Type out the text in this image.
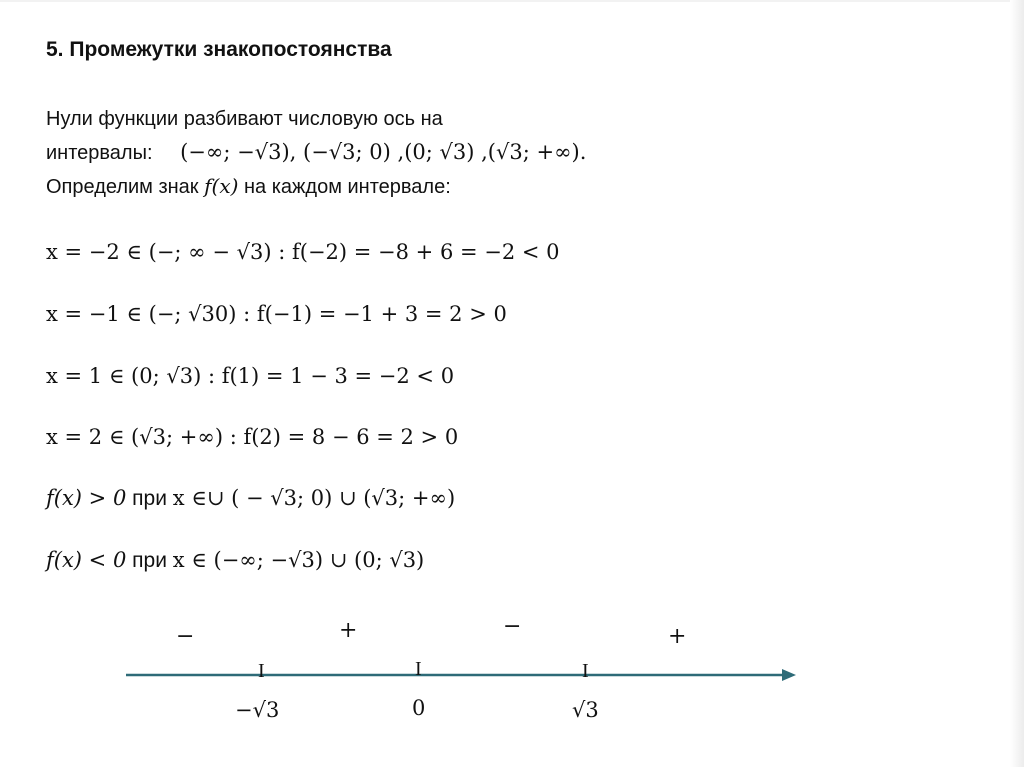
5. Промежутки знакопостоянства
Нули функции разбивают числовую ось на
интервалы: (−∞; −√3), (−√3; 0) ,(0; √3) ,(√3; +∞).
Определим знак f(x) на каждом интервале:
x = −2 ∈ (−; ∞ − √3) : f(−2) = −8 + 6 = −2 < 0
x = −1 ∈ (−; √30) : f(−1) = −1 + 3 = 2 > 0
x = 1 ∈ (0; √3) : f(1) = 1 − 3 = −2 < 0
x = 2 ∈ (√3; +∞) : f(2) = 8 − 6 = 2 > 0
f(x) > 0 при x ∈∪ ( − √3; 0) ∪ (√3; +∞)
f(x) < 0 при x ∈ (−∞; −√3) ∪ (0; √3)
−	+	−	+
I	I	I
−√3	0	√3
